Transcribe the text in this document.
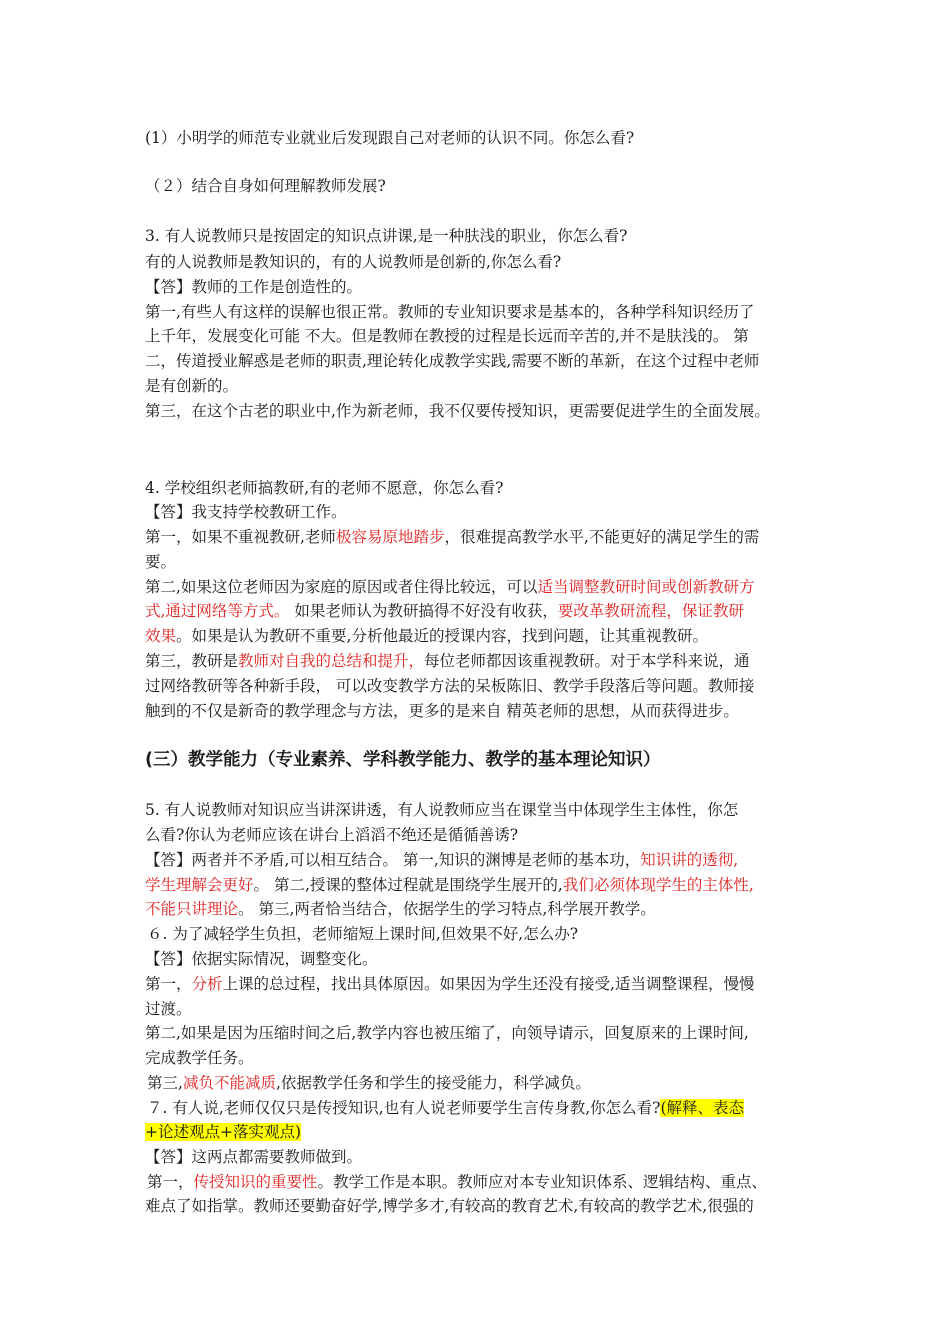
(1）小明学的师范专业就业后发现跟自己对老师的认识不同。你怎么看?
（２）结合自身如何理解教师发展?
3. 有人说教师只是按固定的知识点讲课,是一种肤浅的职业，你怎么看?
有的人说教师是教知识的，有的人说教师是创新的,你怎么看?
【答】教师的工作是创造性的。
第一,有些人有这样的误解也很正常。教师的专业知识要求是基本的，各种学科知识经历了
上千年，发展变化可能 不大。但是教师在教授的过程是长远而辛苦的,并不是肤浅的。 第
二，传道授业解惑是老师的职责,理论转化成教学实践,需要不断的革新，在这个过程中老师
是有创新的。
第三，在这个古老的职业中,作为新老师，我不仅要传授知识，更需要促进学生的全面发展。
4. 学校组织老师搞教研,有的老师不愿意，你怎么看?
【答】我支持学校教研工作。
第一，如果不重视教研,老师极容易原地踏步，很难提高教学水平,不能更好的满足学生的需
要。
第二,如果这位老师因为家庭的原因或者住得比较远，可以适当调整教研时间或创新教研方
式,通过网络等方式。 如果老师认为教研搞得不好没有收获，要改革教研流程，保证教研
效果。如果是认为教研不重要,分析他最近的授课内容，找到问题，让其重视教研。
第三，教研是教师对自我的总结和提升，每位老师都因该重视教研。对于本学科来说，通
过网络教研等各种新手段， 可以改变教学方法的呆板陈旧、教学手段落后等问题。教师接
触到的不仅是新奇的教学理念与方法，更多的是来自 精英老师的思想，从而获得进步。
(三）教学能力（专业素养、学科教学能力、教学的基本理论知识）
5. 有人说教师对知识应当讲深讲透，有人说教师应当在课堂当中体现学生主体性，你怎
么看?你认为老师应该在讲台上滔滔不绝还是循循善诱?
【答】两者并不矛盾,可以相互结合。 第一,知识的渊博是老师的基本功，知识讲的透彻,
学生理解会更好。 第二,授课的整体过程就是围绕学生展开的,我们必须体现学生的主体性,
不能只讲理论。 第三,两者恰当结合，依据学生的学习特点,科学展开教学。
６. 为了减轻学生负担，老师缩短上课时间,但效果不好,怎么办?
【答】依据实际情况，调整变化。
第一，分析上课的总过程，找出具体原因。如果因为学生还没有接受,适当调整课程，慢慢
过渡。
第二,如果是因为压缩时间之后,教学内容也被压缩了，向领导请示，回复原来的上课时间,
完成教学任务。
第三,减负不能减质,依据教学任务和学生的接受能力，科学减负。
７. 有人说,老师仅仅只是传授知识,也有人说老师要学生言传身教,你怎么看?(解释、表态
+论述观点+落实观点)
【答】这两点都需要教师做到。
第一，传授知识的重要性。教学工作是本职。教师应对本专业知识体系、逻辑结构、重点、
难点了如指掌。教师还要勤奋好学,博学多才,有较高的教育艺术,有较高的教学艺术,很强的
